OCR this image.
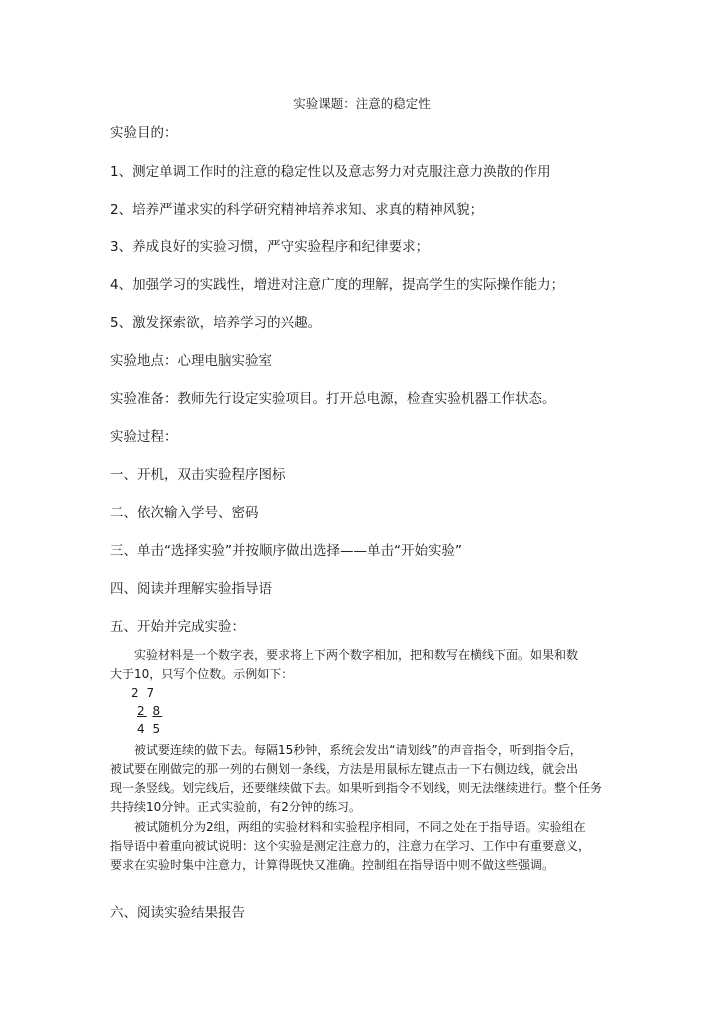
实验课题：注意的稳定性
实验目的：
1、测定单调工作时的注意的稳定性以及意志努力对克服注意力涣散的作用
2、培养严谨求实的科学研究精神培养求知、求真的精神风貌；
3、养成良好的实验习惯，严守实验程序和纪律要求；
4、加强学习的实践性，增进对注意广度的理解，提高学生的实际操作能力；
5、激发探索欲，培养学习的兴趣。
实验地点：心理电脑实验室
实验准备：教师先行设定实验项目。打开总电源，检查实验机器工作状态。
实验过程：
一、开机，双击实验程序图标
二、依次输入学号、密码
三、单击“选择实验”并按顺序做出选择——单击“开始实验”
四、阅读并理解实验指导语
五、开始并完成实验：
　　实验材料是一个数字表，要求将上下两个数字相加，把和数写在横线下面。如果和数
大于10，只写个位数。示例如下：
2 7
2 8
4 5
　　被试要连续的做下去。每隔15秒钟，系统会发出“请划线”的声音指令，听到指令后，
被试要在刚做完的那一列的右侧划一条线，方法是用鼠标左键点击一下右侧边线，就会出
现一条竖线。划完线后，还要继续做下去。如果听到指令不划线，则无法继续进行。整个任务
共持续10分钟。正式实验前，有2分钟的练习。
　　被试随机分为2组，两组的实验材料和实验程序相同，不同之处在于指导语。实验组在
指导语中着重向被试说明：这个实验是测定注意力的，注意力在学习、工作中有重要意义，
要求在实验时集中注意力，计算得既快又准确。控制组在指导语中则不做这些强调。
六、阅读实验结果报告
